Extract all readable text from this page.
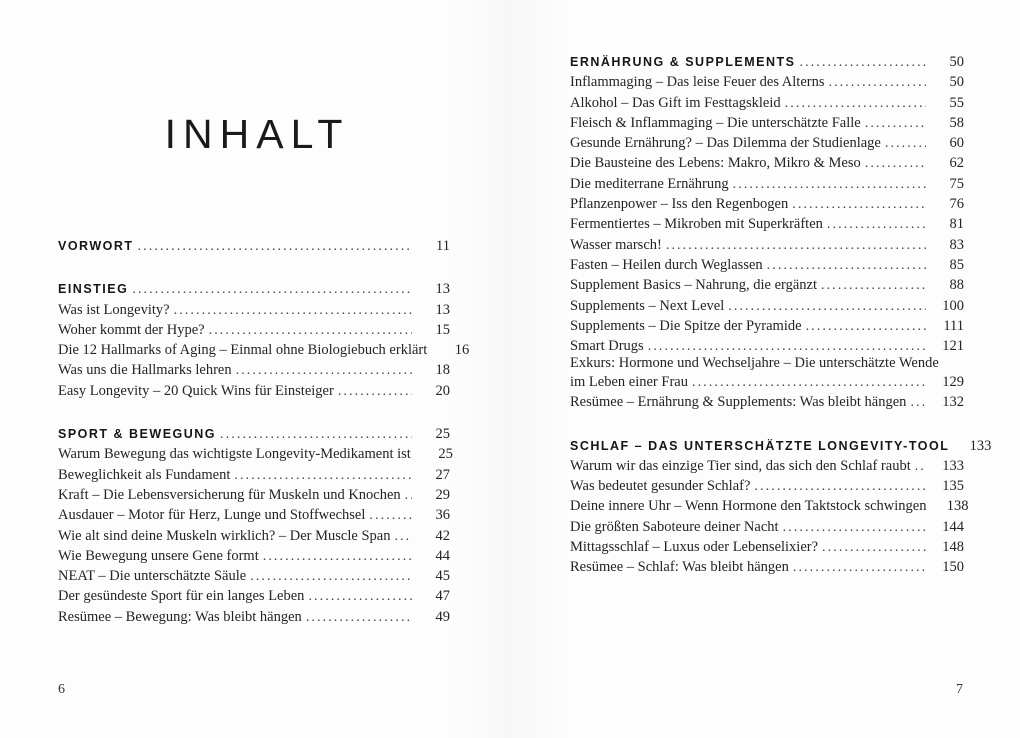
INHALT
VORWORT .....	11
EINSTIEG .....	13
Was ist Longevity? .....	13
Woher kommt der Hype? .....	15
Die 12 Hallmarks of Aging – Einmal ohne Biologiebuch erklärt	16
Was uns die Hallmarks lehren .....	18
Easy Longevity – 20 Quick Wins für Einsteiger .....	20
SPORT & BEWEGUNG .....	25
Warum Bewegung das wichtigste Longevity-Medikament ist	25
Beweglichkeit als Fundament .....	27
Kraft – Die Lebensversicherung für Muskeln und Knochen .....	29
Ausdauer – Motor für Herz, Lunge und Stoffwechsel .....	36
Wie alt sind deine Muskeln wirklich? – Der Muscle Span .....	42
Wie Bewegung unsere Gene formt .....	44
NEAT – Die unterschätzte Säule .....	45
Der gesündeste Sport für ein langes Leben .....	47
Resümee – Bewegung: Was bleibt hängen .....	49
ERNÄHRUNG & SUPPLEMENTS .....	50
Inflammaging – Das leise Feuer des Alterns .....	50
Alkohol – Das Gift im Festtagskleid .....	55
Fleisch & Inflammaging – Die unterschätzte Falle .....	58
Gesunde Ernährung? – Das Dilemma der Studienlage .....	60
Die Bausteine des Lebens: Makro, Mikro & Meso .....	62
Die mediterrane Ernährung .....	75
Pflanzenpower – Iss den Regenbogen .....	76
Fermentiertes – Mikroben mit Superkräften .....	81
Wasser marsch! .....	83
Fasten – Heilen durch Weglassen .....	85
Supplement Basics – Nahrung, die ergänzt .....	88
Supplements – Next Level .....	100
Supplements – Die Spitze der Pyramide .....	111
Smart Drugs .....	121
Exkurs: Hormone und Wechseljahre – Die unterschätzte Wende
im Leben einer Frau .....	129
Resümee – Ernährung & Supplements: Was bleibt hängen .....	132
SCHLAF – DAS UNTERSCHÄTZTE LONGEVITY-TOOL	133
Warum wir das einzige Tier sind, das sich den Schlaf raubt .....	133
Was bedeutet gesunder Schlaf? .....	135
Deine innere Uhr – Wenn Hormone den Taktstock schwingen	138
Die größten Saboteure deiner Nacht .....	144
Mittagsschlaf – Luxus oder Lebenselixier? .....	148
Resümee – Schlaf: Was bleibt hängen .....	150
6	7
